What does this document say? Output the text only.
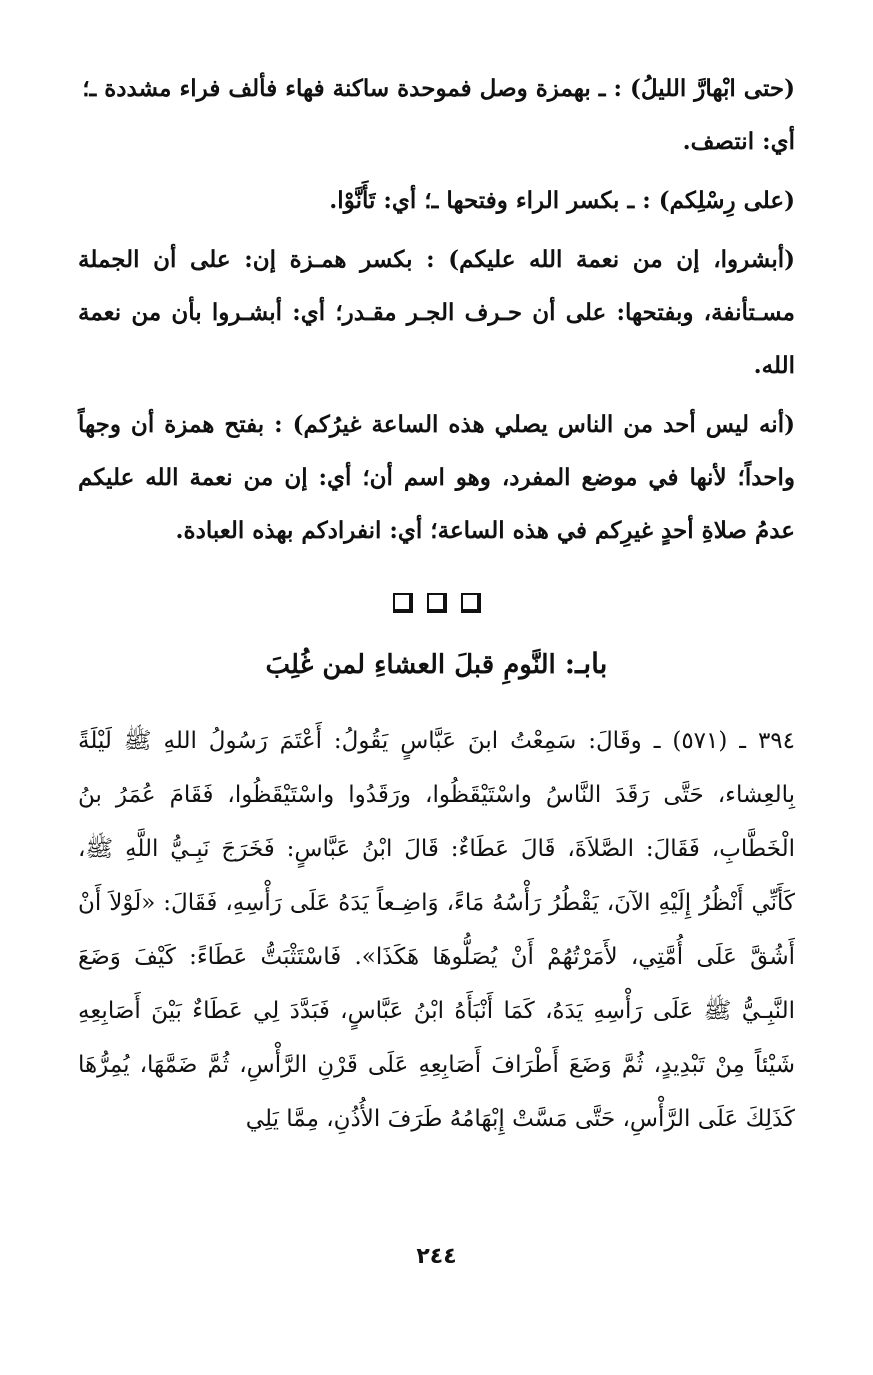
(حتى ابْهارَّ الليلُ) : ـ بهمزة وصل فموحدة ساكنة فهاء فألف فراء مشددة ـ؛ أي: انتصف.

(على رِسْلِكم) : ـ بكسر الراء وفتحها ـ؛ أي: تَأَنَّوْا.

(أبشروا، إن من نعمة الله عليكم) : بكسر همـزة إن: على أن الجملة مسـتأنفة، وبفتحها: على أن حـرف الجـر مقـدر؛ أي: أبشـروا بأن من نعمة الله.

(أنه ليس أحد من الناس يصلي هذه الساعة غيرُكم) : بفتح همزة أن وجهاً واحداً؛ لأنها في موضع المفرد، وهو اسم أن؛ أي: إن من نعمة الله عليكم عدمُ صلاةِ أحدٍ غيرِكم في هذه الساعة؛ أي: انفرادكم بهذه العبادة.

بابـ: النَّومِ قبلَ العشاءِ لمن غُلِبَ

٣٩٤ ـ (٥٧١) ـ وقَالَ: سَمِعْتُ ابنَ عَبَّاسٍ يَقُولُ: أَعْتَمَ رَسُولُ اللهِ ﷺ لَيْلَةً بِالعِشاء، حَتَّى رَقَدَ النَّاسُ واسْتَيْقَظُوا، ورَقَدُوا واسْتَيْقَظُوا، فَقَامَ عُمَرُ بنُ الْخَطَّابِ، فَقَالَ: الصَّلاَةَ، قَالَ عَطَاءٌ: قَالَ ابْنُ عَبَّاسٍ: فَخَرَجَ نَبِـيُّ اللَّهِ ﷺ، كَأَنِّي أَنْظُرُ إِلَيْهِ الآنَ، يَقْطُرُ رَأْسُهُ مَاءً، وَاضِـعاً يَدَهُ عَلَى رَأْسِهِ، فَقَالَ: «لَوْلاَ أَنْ أَشُقَّ عَلَى أُمَّتِي، لأَمَرْتُهُمْ أَنْ يُصَلُّوهَا هَكَذَا». فَاسْتَثْبَتُّ عَطَاءً: كَيْفَ وَضَعَ النَّبِـيُّ ﷺ عَلَى رَأْسِهِ يَدَهُ، كَمَا أَنْبَأَهُ ابْنُ عَبَّاسٍ، فَبَدَّدَ لِي عَطَاءٌ بَيْنَ أَصَابِعِهِ شَيْئاً مِنْ تَبْدِيدٍ، ثُمَّ وَضَعَ أَطْرَافَ أَصَابِعِهِ عَلَى قَرْنِ الرَّأْسِ، ثُمَّ ضَمَّهَا، يُمِرُّهَا كَذَلِكَ عَلَى الرَّأْسِ، حَتَّى مَسَّتْ إِبْهَامُهُ طَرَفَ الأُذُنِ، مِمَّا يَلِي

٢٤٤
